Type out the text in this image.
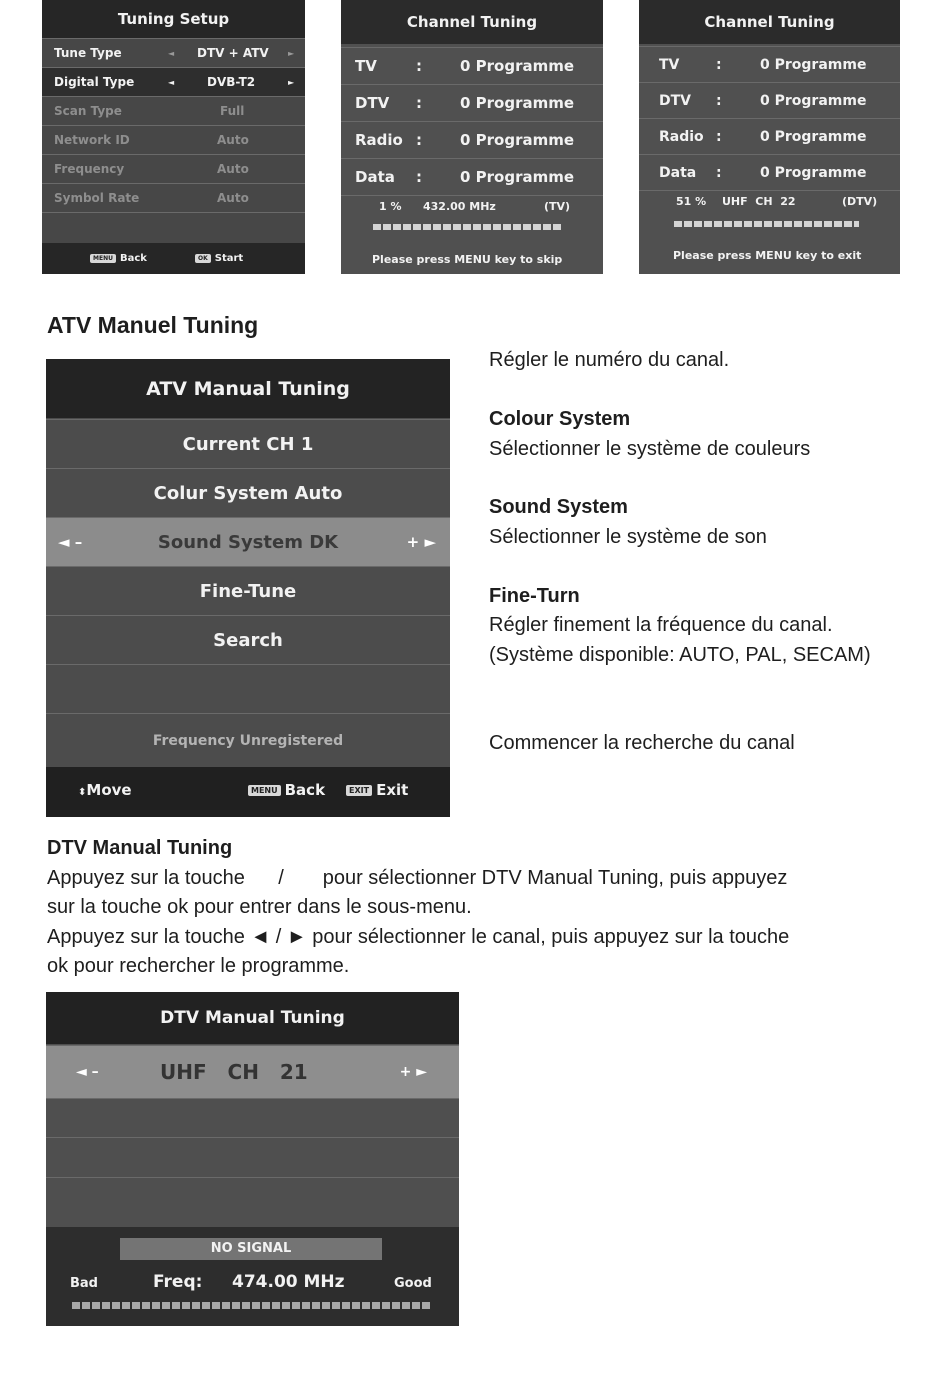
Tuning Setup
Tune Type	◄ DTV + ATV ►
Digital Type	◄	DVB-T2	►
Scan Type	Full
Network ID	Auto
Frequency	Auto
Symbol Rate	Auto
MENU Back	OK Start
Channel Tuning
TV	:	0 Programme
DTV :	0 Programme
Radio :	0 Programme
Data :	0 Programme
1 % 432.00 MHz	(TV)
Please press MENU key to skip
Channel Tuning
TV	:	0 Programme
DTV :	0 Programme
Radio :	0 Programme
Data :	0 Programme
51 % UHF  CH  22	(DTV)
Please press MENU key to exit
ATV Manuel Tuning
ATV Manual Tuning
Current CH 1
Colur System Auto
◄ –	Sound System DK	+ ►
Fine-Tune
Search
Frequency Unregistered
⬍Move	MENU Back	EXIT Exit
Régler le numéro du canal.
Colour System
Sélectionner le système de couleurs
Sound System
Sélectionner le système de son
Fine-Turn
Régler finement la fréquence du canal.
(Système disponible: AUTO, PAL, SECAM)
Commencer la recherche du canal
DTV Manual Tuning
Appuyez sur la touche      /       pour sélectionner DTV Manual Tuning, puis appuyez
sur la touche ok pour entrer dans le sous-menu.
Appuyez sur la touche ◄ / ► pour sélectionner le canal, puis appuyez sur la touche
ok pour rechercher le programme.
DTV Manual Tuning
◄ –	UHF   CH   21	+ ►
NO SIGNAL
Bad	Freq: 474.00 MHz	Good
